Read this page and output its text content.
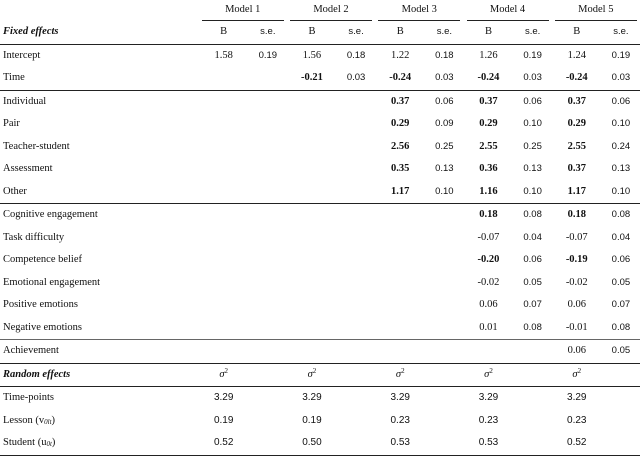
	Model 1		Model 2		Model 3		Model 4		Model 5	
Fixed effects	B	s.e.	B	s.e.	B	s.e.	B	s.e.	B	s.e.
Intercept	1.58	0.19	1.56	0.18	1.22	0.18	1.26	0.19	1.24	0.19
Time			-0.21	0.03	-0.24	0.03	-0.24	0.03	-0.24	0.03
Individual					0.37	0.06	0.37	0.06	0.37	0.06
Pair					0.29	0.09	0.29	0.10	0.29	0.10
Teacher-student					2.56	0.25	2.55	0.25	2.55	0.24
Assessment					0.35	0.13	0.36	0.13	0.37	0.13
Other					1.17	0.10	1.16	0.10	1.17	0.10
Cognitive engagement							0.18	0.08	0.18	0.08
Task difficulty							-0.07	0.04	-0.07	0.04
Competence belief							-0.20	0.06	-0.19	0.06
Emotional engagement							-0.02	0.05	-0.02	0.05
Positive emotions							0.06	0.07	0.06	0.07
Negative emotions							0.01	0.08	-0.01	0.08
Achievement									0.06	0.05
Random effects	$\sigma^2$		$\sigma^2$		$\sigma^2$		$\sigma^2$		$\sigma^2$	
Time-points	3.29		3.29		3.29		3.29		3.29	
Lesson $(v_{0lt})$	0.19		0.19		0.23		0.23		0.23	
Student $(u_{0t})$	0.52		0.50		0.53		0.53		0.52	
